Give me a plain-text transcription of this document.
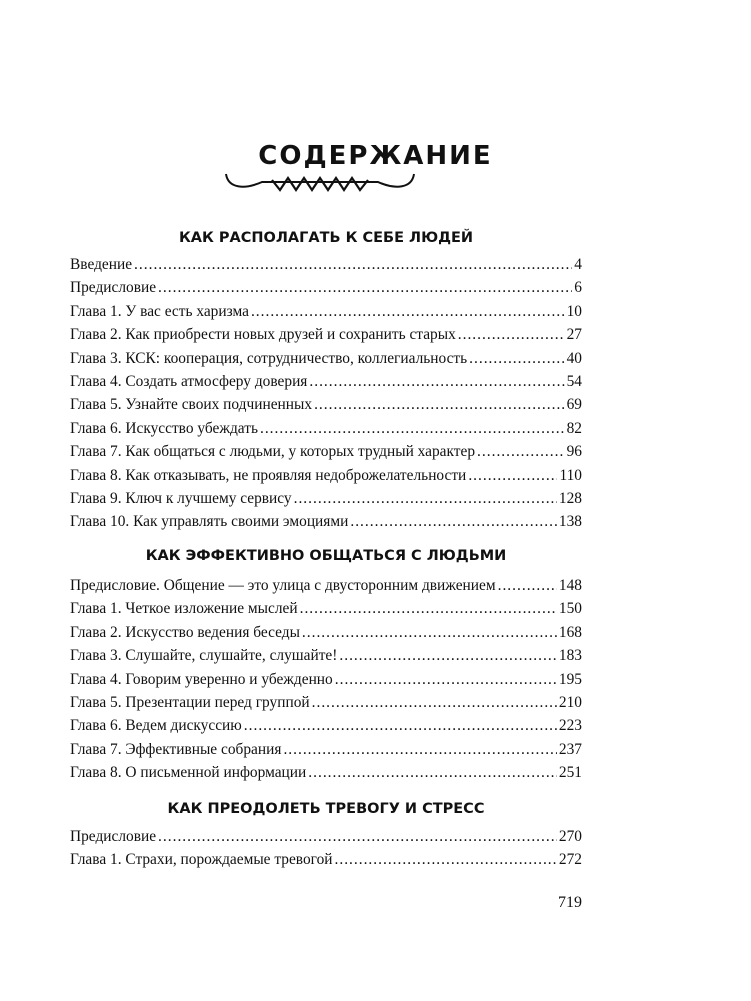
СОДЕРЖАНИЕ
КАК РАСПОЛАГАТЬ К СЕБЕ ЛЮДЕЙ
Введение .....	4
Предисловие .....	6
Глава 1. У вас есть харизма .....	10
Глава 2. Как приобрести новых друзей и сохранить старых .....	27
Глава 3. КСК: кооперация, сотрудничество, коллегиальность .....	40
Глава 4. Создать атмосферу доверия .....	54
Глава 5. Узнайте своих подчиненных .....	69
Глава 6. Искусство убеждать .....	82
Глава 7. Как общаться с людьми, у которых трудный характер .....	96
Глава 8. Как отказывать, не проявляя недоброжелательности .....	110
Глава 9. Ключ к лучшему сервису .....	128
Глава 10. Как управлять своими эмоциями .....	138
КАК ЭФФЕКТИВНО ОБЩАТЬСЯ С ЛЮДЬМИ
Предисловие. Общение — это улица с двусторонним движением .....	148
Глава 1. Четкое изложение мыслей .....	150
Глава 2. Искусство ведения беседы .....	168
Глава 3. Слушайте, слушайте, слушайте! .....	183
Глава 4. Говорим уверенно и убежденно .....	195
Глава 5. Презентации перед группой .....	210
Глава 6. Ведем дискуссию .....	223
Глава 7. Эффективные собрания .....	237
Глава 8. О письменной информации .....	251
КАК ПРЕОДОЛЕТЬ ТРЕВОГУ И СТРЕСС
Предисловие .....	270
Глава 1. Страхи, порождаемые тревогой .....	272
719
